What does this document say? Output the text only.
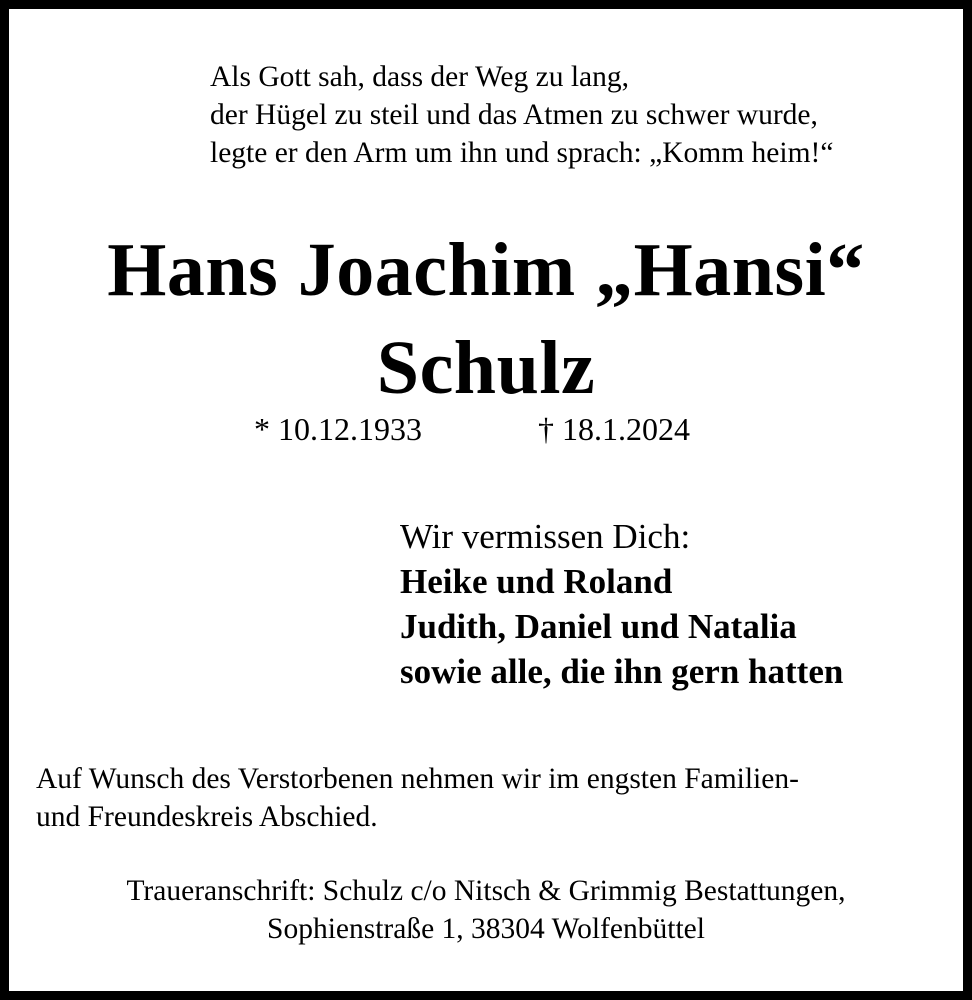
Als Gott sah, dass der Weg zu lang,

der Hügel zu steil und das Atmen zu schwer wurde,

legte er den Arm um ihn und sprach: „Komm heim!“

Hans Joachim „Hansi“
Schulz

* 10.12.1933	† 18.1.2024

Wir vermissen Dich:

Heike und Roland

Judith, Daniel und Natalia

sowie alle, die ihn gern hatten

Auf Wunsch des Verstorbenen nehmen wir im engsten Familien-

und Freundeskreis Abschied.

Traueranschrift: Schulz c/o Nitsch & Grimmig Bestattungen,

Sophienstraße 1, 38304 Wolfenbüttel
